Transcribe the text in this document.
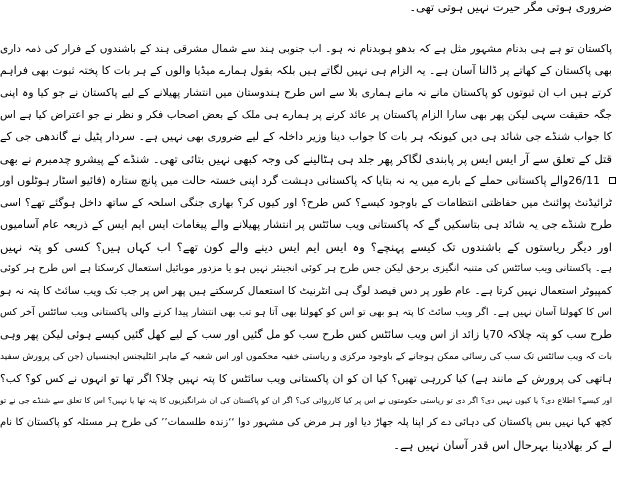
ضروری ہوتی مگر حیرت نہیں ہوتی تھی۔
پاکستان تو ہے ہی بدنام مشہور مثل ہے کہ بدھو ہوبدنام نہ ہو۔ اب جنوبی ہند سے شمال مشرقی ہند کے باشندوں کے فرار کی ذمہ داری
بھی پاکستان کے کھاتے پر ڈالنا آسان ہے۔ یہ الزام ہی نہیں لگاتے ہیں بلکہ بقول ہمارے میڈیا والوں کے ہر بات کا پختہ ثبوت بھی فراہم
کرتے ہیں اب ان ثبوتوں کو پاکستان مانے نہ مانے ہماری بلا سے اس طرح ہندوستان میں انتشار پھیلانے کے لیے پاکستان نے جو کیا وہ اپنی
جگہ حقیقت سہی لیکن پھر بھی سارا الزام پاکستان پر عائد کرنے پر ہمارے ہی ملک کے بعض اصحاب فکر و نظر نے جو اعتراض کیا ہے اس
کا جواب شنڈے جی شائد ہی دیں کیونکہ ہر بات کا جواب دینا وزیر داخلہ کے لیے ضروری بھی نہیں ہے۔ سردار پٹیل نے گاندھی جی کے
قتل کے تعلق سے آر ایس ایس پر پابندی لگاکر پھر جلد ہی ہٹالینے کی وجہ کبھی نہیں بتائی تھی۔ شنڈے کے پیشرو چدمبرم نے بھی
26/11والے پاکستانی حملے کے بارے میں یہ نہ بتایا کہ پاکستانی دہشت گرد اپنی خستہ حالت میں پانچ ستارہ (فائیو اسٹار ہوٹلوں اور
ٹرائیڈنٹ پوائنٹ میں حفاظتی انتظامات کے باوجود کیسے؟ کس طرح؟ اور کیوں کر؟ بھاری جنگی اسلحہ کے ساتھ داخل ہوگئے تھے؟ اسی
طرح شنڈے جی یہ شائد ہی بتاسکیں گے کہ پاکستانی ویب سائٹس پر انتشار پھیلانے والے پیغامات ایس ایم ایس کے ذریعہ عام آسامیوں
اور دیگر ریاستوں کے باشندوں تک کیسے پہنچے؟ وہ ایس ایم ایس دینے والے کون تھے؟ اب کہاں ہیں؟ کسی کو پتہ نہیں
ہے۔ پاکستانی ویب سائٹس کی متنبہ انگیزی برحق لیکن جس طرح ہر کوئی انجینئر نہیں ہو یا مزدور موبائیل استعمال کرسکتا ہے اس طرح ہر کوئی
کمپیوٹر استعمال نہیں کرتا ہے۔ عام طور پر دس فیصد لوگ ہی انٹرنیٹ کا استعمال کرسکتے ہیں پھر اس پر جب تک ویب سائٹ کا پتہ نہ ہو
اس کا کھولنا آسان نہیں ہے۔ اگر ویب سائٹ کا پتہ ہو بھی تو اس کو کھولنا بھی آتا ہو تب بھی انتشار پیدا کرنے والی پاکستانی ویب سائٹس آخر کس
طرح سب کو پتہ چلاکہ 70یا زائد از اس ویب سائٹس کس طرح سب کو مل گئیں اور سب کے لیے کھل گئیں کیسے ہوئی لیکن پھر وہی
بات کہ ویب سائٹس تک سب کی رسائی ممکن ہوجانے کے باوجود مرکزی و ریاستی خفیہ محکموں اور اس شعبہ کے ماہر انٹلیجنس ایجنسیاں (جن کی پرورش سفید
ہاتھی کی پرورش کے مانند ہے) کیا کررہی تھیں؟ کیا ان کو ان پاکستانی ویب سائٹس کا پتہ نہیں چلا؟ اگر تھا تو انہوں نے کس کو؟ کب؟
اور کیسے؟ اطلاع دی؟ یا کیوں نہیں دی؟ اگر دی تو ریاستی حکومتوں نے اس پر کیا کارروائی کی؟ اگر ان کو پاکستان کی ان شرانگیزیوں کا پتہ تھا یا نہیں؟ اس کا تعلق سے شنڈے جی نے تو
کچھ کہا نہیں بس پاکستان کی دہائی دے کر اپنا پلہ جھاڑ دیا اور ہر مرض کی مشہور دوا ‘‘زندہ طلسمات’’ کی طرح ہر مسئلہ کو پاکستان کا نام
لے کر بھلادینا بہرحال اس قدر آسان نہیں ہے۔
